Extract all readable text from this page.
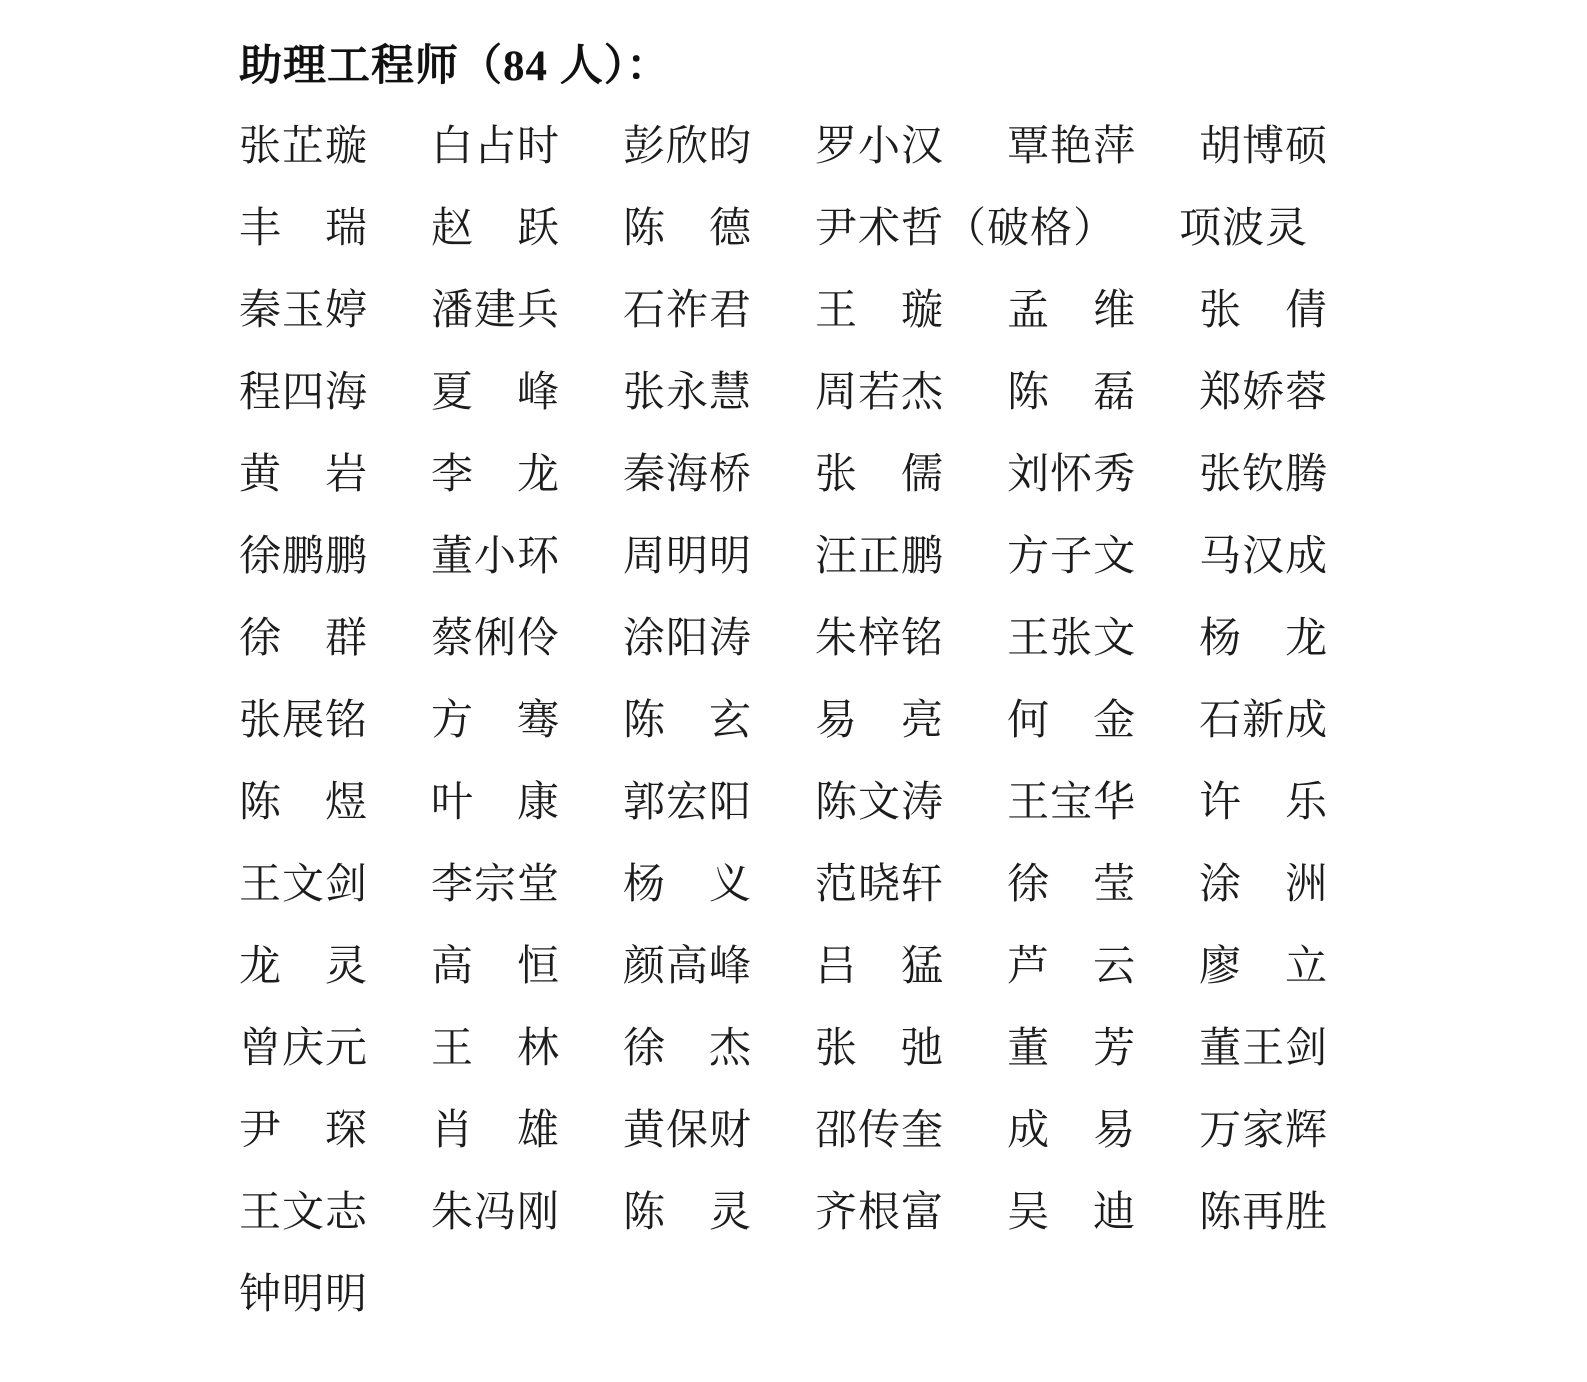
助理工程师（84 人）：
张芷璇 白占时 彭欣昀 罗小汉 覃艳萍 胡博硕
丰　瑞 赵　跃 陈　德 尹术哲（破格） 项波灵
秦玉婷 潘建兵 石祚君 王　璇 孟　维 张　倩
程四海 夏　峰 张永慧 周若杰 陈　磊 郑娇蓉
黄　岩 李　龙 秦海桥 张　儒 刘怀秀 张钦腾
徐鹏鹏 董小环 周明明 汪正鹏 方子文 马汉成
徐　群 蔡俐伶 涂阳涛 朱梓铭 王张文 杨　龙
张展铭 方　骞 陈　玄 易　亮 何　金 石新成
陈　煜 叶　康 郭宏阳 陈文涛 王宝华 许　乐
王文剑 李宗堂 杨　义 范晓轩 徐　莹 涂　洲
龙　灵 高　恒 颜高峰 吕　猛 芦　云 廖　立
曾庆元 王　林 徐　杰 张　弛 董　芳 董王剑
尹　琛 肖　雄 黄保财 邵传奎 成　易 万家辉
王文志 朱冯刚 陈　灵 齐根富 吴　迪 陈再胜
钟明明
